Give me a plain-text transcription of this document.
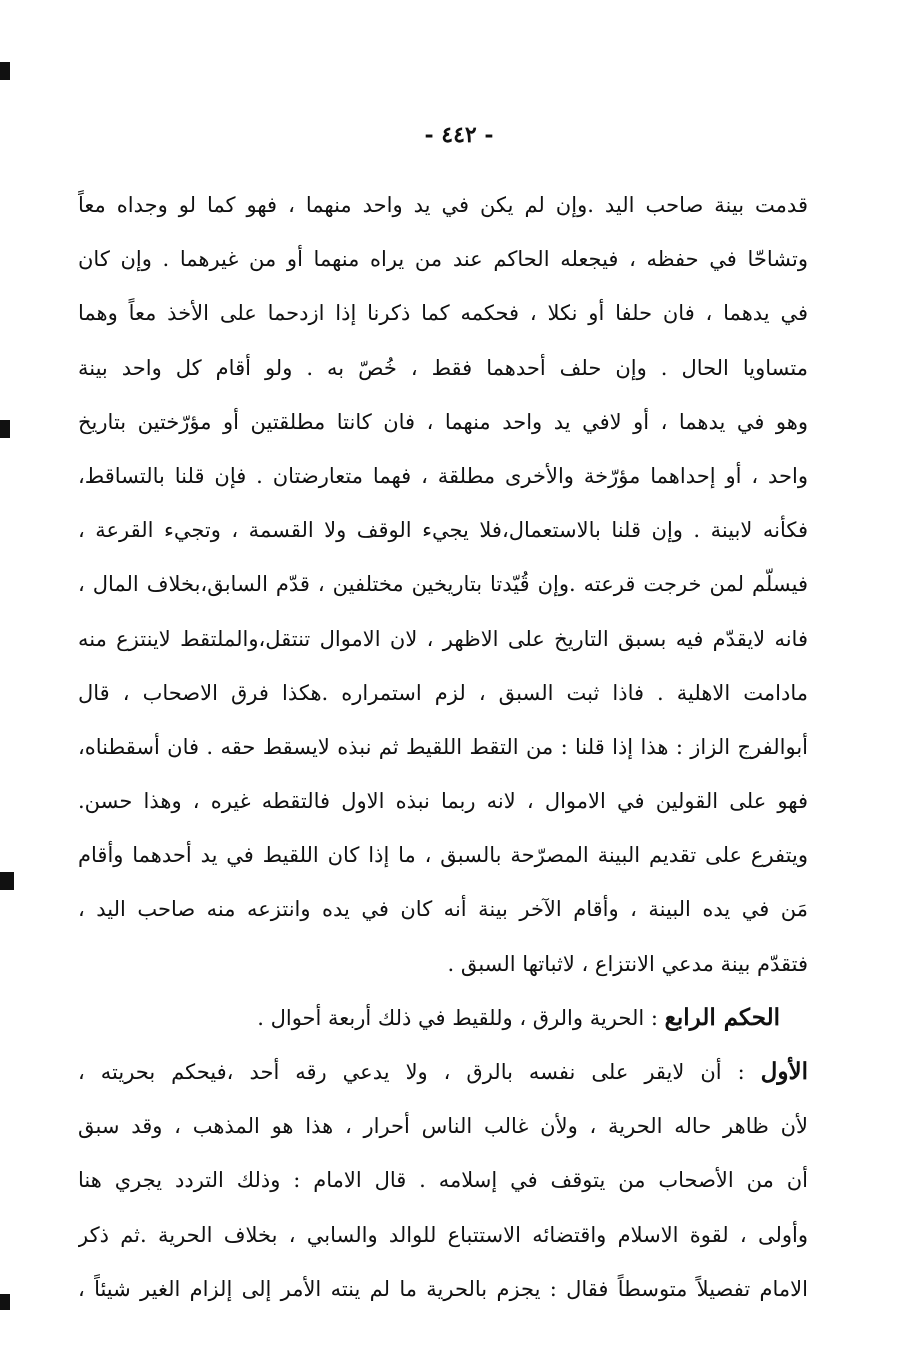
- ٤٤٢ -
قدمت بينة صاحب اليد .وإن لم يكن في يد واحد منهما ، فهو كما لو وجداه معاً
وتشاحّا في حفظه ، فيجعله الحاكم عند من يراه منهما أو من غيرهما . وإن كان
في يدهما ، فان حلفا أو نكلا ، فحكمه كما ذكرنا إذا ازدحما على الأخذ معاً وهما
متساويا الحال . وإن حلف أحدهما فقط ، خُصّ به . ولو أقام كل واحد بينة
وهو في يدهما ، أو لافي يد واحد منهما ، فان كانتا مطلقتين أو مؤرّختين بتاريخ
واحد ، أو إحداهما مؤرّخة والأخرى مطلقة ، فهما متعارضتان . فإن قلنا بالتساقط،
فكأنه لابينة . وإن قلنا بالاستعمال،فلا يجيء الوقف ولا القسمة ، وتجيء القرعة ،
فيسلّم لمن خرجت قرعته .وإن قُيّدتا بتاريخين مختلفين ، قدّم السابق،بخلاف المال ،
فانه لايقدّم فيه بسبق التاريخ على الاظهر ، لان الاموال تنتقل،والملتقط لاينتزع منه
مادامت الاهلية . فاذا ثبت السبق ، لزم استمراره .هكذا فرق الاصحاب ، قال
أبوالفرج الزاز : هذا إذا قلنا : من التقط اللقيط ثم نبذه لايسقط حقه . فان أسقطناه،
فهو على القولين في الاموال ، لانه ربما نبذه الاول فالتقطه غيره ، وهذا حسن.
ويتفرع على تقديم البينة المصرّحة بالسبق ، ما إذا كان اللقيط في يد أحدهما وأقام
مَن في يده البينة ، وأقام الآخر بينة أنه كان في يده وانتزعه منه صاحب اليد ،
فتقدّم بينة مدعي الانتزاع ، لاثباتها السبق .
الحكم الرابع : الحرية والرق ، وللقيط في ذلك أربعة أحوال .
الأول : أن لايقر على نفسه بالرق ، ولا يدعي رقه أحد ،فيحكم بحريته ،
لأن ظاهر حاله الحرية ، ولأن غالب الناس أحرار ، هذا هو المذهب ، وقد سبق
أن من الأصحاب من يتوقف في إسلامه . قال الامام : وذلك التردد يجري هنا
وأولى ، لقوة الاسلام واقتضائه الاستتباع للوالد والسابي ، بخلاف الحرية .ثم ذكر
الامام تفصيلاً متوسطاً فقال : يجزم بالحرية ما لم ينته الأمر إلى إلزام الغير شيئاً ،
